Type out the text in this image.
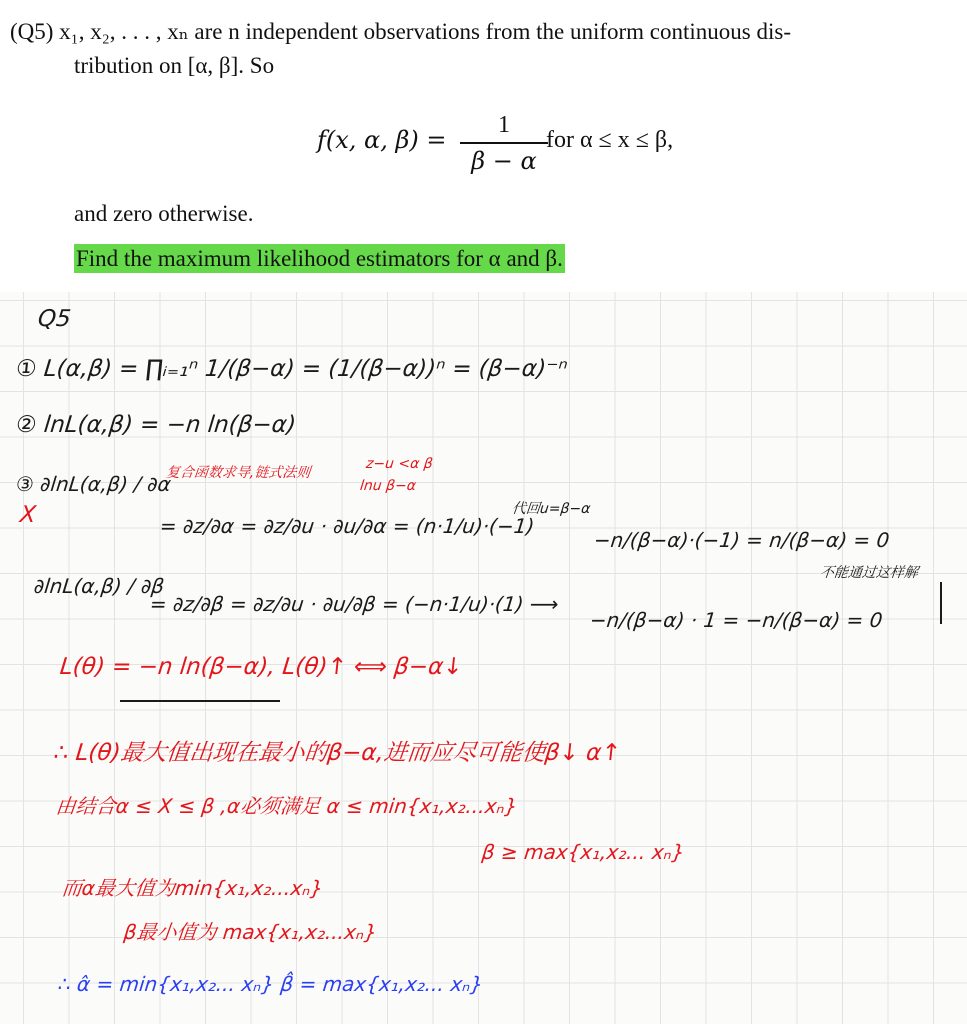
(Q5) x₁, x₂, . . . , xₙ are n independent observations from the uniform continuous dis-
tribution on [α, β]. So
f(x, α, β) =
1
β − α
for α ≤ x ≤ β,
and zero otherwise.
Find the maximum likelihood estimators for α and β.
Q5
① L(α,β) = ∏ᵢ₌₁ⁿ 1/(β−α) = (1/(β−α))ⁿ = (β−α)⁻ⁿ
② lnL(α,β) = −n ln(β−α)
③ ∂lnL(α,β) / ∂α
复合函数求导,链式法则
z−u <α β
lnu β−α
X	= ∂z/∂α = ∂z/∂u · ∂u/∂α = (n·1/u)·(−1)
代回u=β−α
−n/(β−α)·(−1) = n/(β−α) = 0
∂lnL(α,β) / ∂β
= ∂z/∂β = ∂z/∂u · ∂u/∂β = (−n·1/u)·(1) ⟶
−n/(β−α) · 1 = −n/(β−α) = 0
不能通过这样解
L(θ) = −n ln(β−α), L(θ)↑ ⟺ β−α↓
∴ L(θ)最大值出现在最小的β−α,进而应尽可能使β↓ α↑
由结合α ≤ X ≤ β ,α必须满足 α ≤ min{x₁,x₂...xₙ}
β ≥ max{x₁,x₂... xₙ}
而α最大值为min{x₁,x₂...xₙ}
β最小值为 max{x₁,x₂...xₙ}
∴ α̂ = min{x₁,x₂... xₙ} β̂ = max{x₁,x₂... xₙ}
